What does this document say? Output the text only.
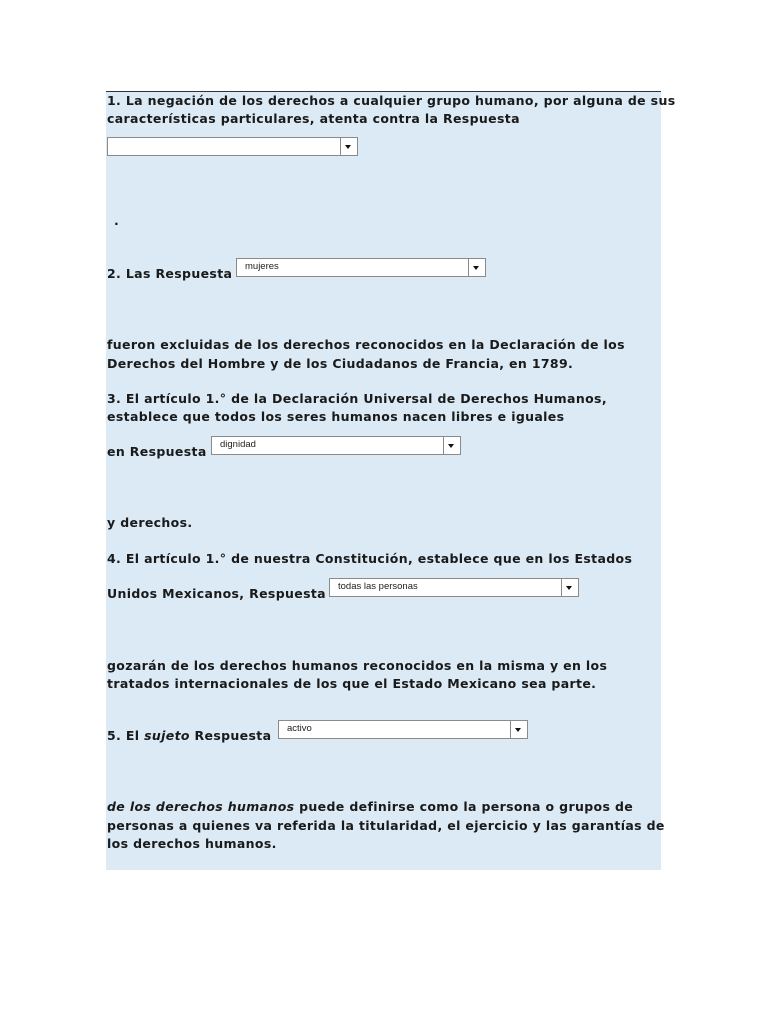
1. La negación de los derechos a cualquier grupo humano, por alguna de sus
características particulares, atenta contra la Respuesta
.
2. Las Respuesta mujeres
fueron excluidas de los derechos reconocidos en la Declaración de los
Derechos del Hombre y de los Ciudadanos de Francia, en 1789.
3. El artículo 1.° de la Declaración Universal de Derechos Humanos,
establece que todos los seres humanos nacen libres e iguales
en Respuesta dignidad
y derechos.
4. El artículo 1.° de nuestra Constitución, establece que en los Estados
Unidos Mexicanos, Respuesta todas las personas
gozarán de los derechos humanos reconocidos en la misma y en los
tratados internacionales de los que el Estado Mexicano sea parte.
5. El sujeto Respuesta activo
de los derechos humanos puede definirse como la persona o grupos de
personas a quienes va referida la titularidad, el ejercicio y las garantías de
los derechos humanos.
